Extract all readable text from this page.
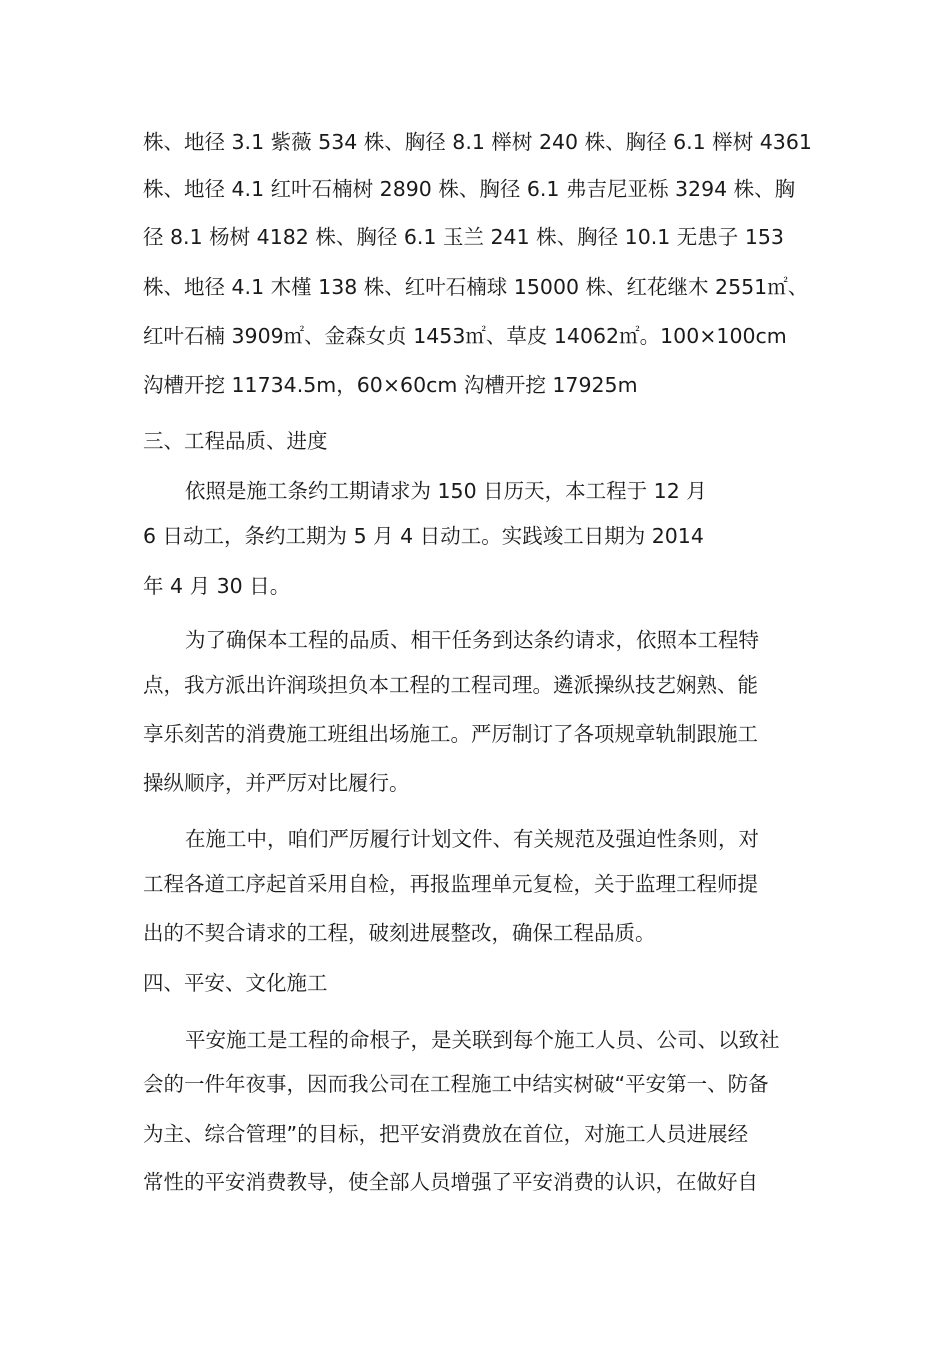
株、地径 3.1 紫薇 534 株、胸径 8.1 榉树 240 株、胸径 6.1 榉树 4361
株、地径 4.1 红叶石楠树 2890 株、胸径 6.1 弗吉尼亚栎 3294 株、胸
径 8.1 杨树 4182 株、胸径 6.1 玉兰 241 株、胸径 10.1 无患子 153
株、地径 4.1 木槿 138 株、红叶石楠球 15000 株、红花继木 2551㎡、
红叶石楠 3909㎡、金森女贞 1453㎡、草皮 14062㎡。100×100cm
沟槽开挖 11734.5m，60×60cm 沟槽开挖 17925m
三、工程品质、进度
依照是施工条约工期请求为 150 日历天，本工程于 12 月
6 日动工，条约工期为 5 月 4 日动工。实践竣工日期为 2014
年 4 月 30 日。
为了确保本工程的品质、相干任务到达条约请求，依照本工程特
点，我方派出许润琰担负本工程的工程司理。遴派操纵技艺娴熟、能
享乐刻苦的消费施工班组出场施工。严厉制订了各项规章轨制跟施工
操纵顺序，并严厉对比履行。
在施工中，咱们严厉履行计划文件、有关规范及强迫性条则，对
工程各道工序起首采用自检，再报监理单元复检，关于监理工程师提
出的不契合请求的工程，破刻进展整改，确保工程品质。
四、平安、文化施工
平安施工是工程的命根子，是关联到每个施工人员、公司、以致社
会的一件年夜事，因而我公司在工程施工中结实树破“平安第一、防备
为主、综合管理”的目标，把平安消费放在首位，对施工人员进展经
常性的平安消费教导，使全部人员增强了平安消费的认识，在做好自
